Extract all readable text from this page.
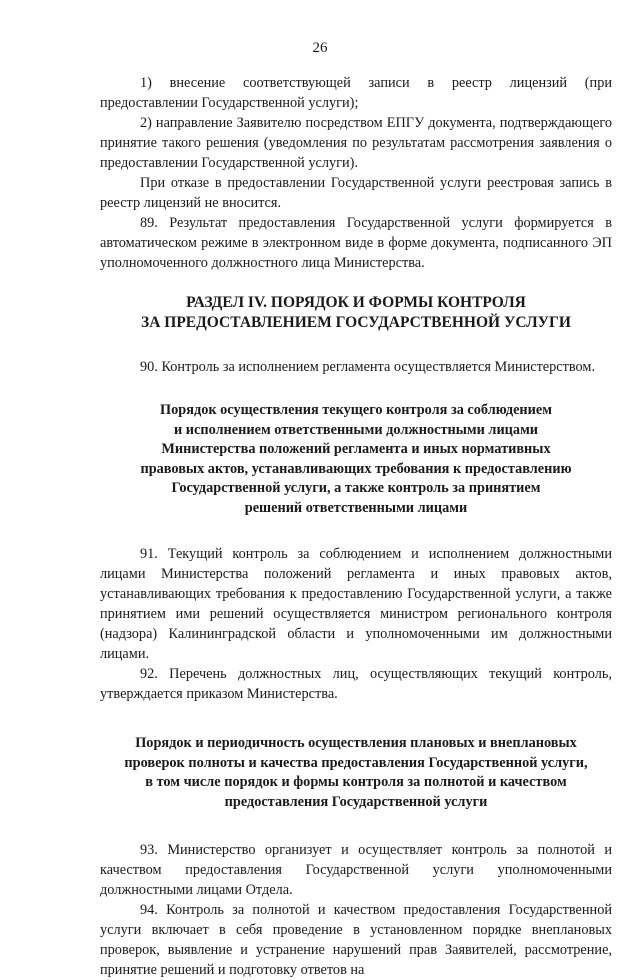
26

1) внесение соответствующей записи в реестр лицензий (при предоставлении Государственной услуги);

2) направление Заявителю посредством ЕПГУ документа, подтверждающего принятие такого решения (уведомления по результатам рассмотрения заявления о предоставлении Государственной услуги).

При отказе в предоставлении Государственной услуги реестровая запись в реестр лицензий не вносится.

89. Результат предоставления Государственной услуги формируется в автоматическом режиме в электронном виде в форме документа, подписанного ЭП уполномоченного должностного лица Министерства.

РАЗДЕЛ IV. ПОРЯДОК И ФОРМЫ КОНТРОЛЯ
ЗА ПРЕДОСТАВЛЕНИЕМ ГОСУДАРСТВЕННОЙ УСЛУГИ

90. Контроль за исполнением регламента осуществляется Министерством.

Порядок осуществления текущего контроля за соблюдением
и исполнением ответственными должностными лицами
Министерства положений регламента и иных нормативных
правовых актов, устанавливающих требования к предоставлению
Государственной услуги, а также контроль за принятием
решений ответственными лицами

91. Текущий контроль за соблюдением и исполнением должностными лицами Министерства положений регламента и иных правовых актов, устанавливающих требования к предоставлению Государственной услуги, а также принятием ими решений осуществляется министром регионального контроля (надзора) Калининградской области и уполномоченными им должностными лицами.

92. Перечень должностных лиц, осуществляющих текущий контроль, утверждается приказом Министерства.

Порядок и периодичность осуществления плановых и внеплановых
проверок полноты и качества предоставления Государственной услуги,
в том числе порядок и формы контроля за полнотой и качеством
предоставления Государственной услуги

93. Министерство организует и осуществляет контроль за полнотой и качеством предоставления Государственной услуги уполномоченными должностными лицами Отдела.

94. Контроль за полнотой и качеством предоставления Государственной услуги включает в себя проведение в установленном порядке внеплановых проверок, выявление и устранение нарушений прав Заявителей, рассмотрение, принятие решений и подготовку ответов на
